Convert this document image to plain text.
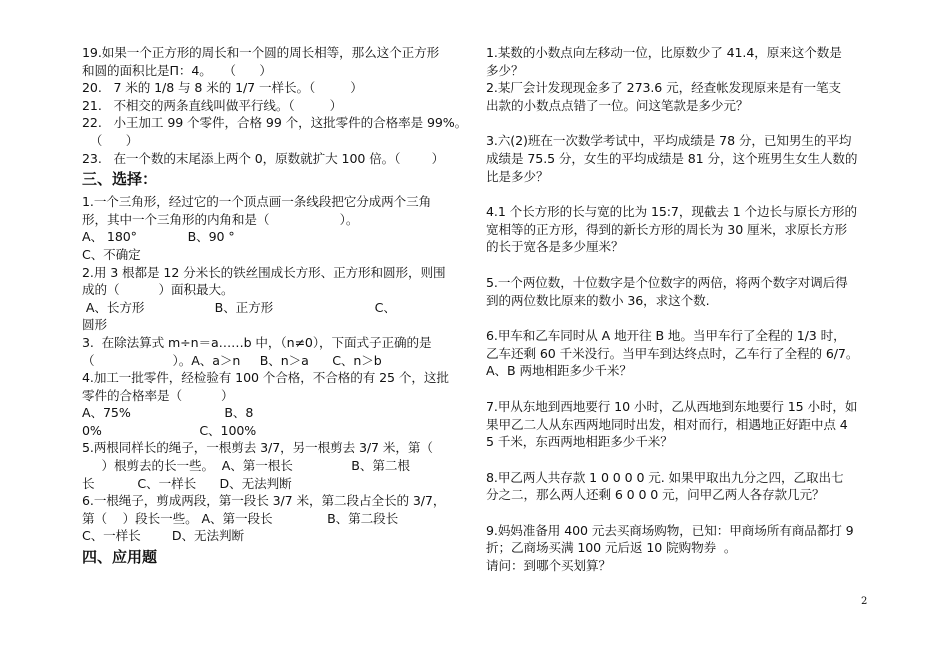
19.如果一个正方形的周长和一个圆的周长相等，那么这个正方形
和圆的面积比是Π：4。   （      ）
20.   7 米的 1/8 与 8 米的 1/7 一样长。（         ）
21.   不相交的两条直线叫做平行线。（         ）
22.   小王加工 99 个零件，合格 99 个，这批零件的合格率是 99%。
（      ）
23.   在一个数的末尾添上两个 0，原数就扩大 100 倍。（        ）
三、选择：
1.一个三角形，经过它的一个顶点画一条线段把它分成两个三角
形，其中一个三角形的内角和是（                  ）。
A、 180°             B、90 °
C、不确定
2.用 3 根都是 12 分米长的铁丝围成长方形、正方形和圆形，则围
成的（          ）面积最大。
A、长方形                  B、正方形                          C、
圆形
3.  在除法算式 m÷n＝a……b 中，（n≠0），下面式子正确的是
（                    ）。A、a＞n     B、n＞a      C、n＞b
4.加工一批零件，经检验有 100 个合格，不合格的有 25 个，这批
零件的合格率是（          ）
A、75%                        B、8
0%                         C、100%
5.两根同样长的绳子，一根剪去 3/7，另一根剪去 3/7 米，第（
）根剪去的长一些。  A、第一根长               B、第二根
长           C、一样长      D、无法判断
6.一根绳子，剪成两段，第一段长 3/7 米，第二段占全长的 3/7，
第（    ）段长一些。 A、第一段长              B、第二段长
C、一样长        D、无法判断
四、应用题
1.某数的小数点向左移动一位，比原数少了 41.4，原来这个数是
多少？
2.某厂会计发现现金多了 273.6 元，经查帐发现原来是有一笔支
出款的小数点点错了一位。问这笔款是多少元？
3.六(2)班在一次数学考试中，平均成绩是 78 分，已知男生的平均
成绩是 75.5 分，女生的平均成绩是 81 分，这个班男生女生人数的
比是多少？
4.1 个长方形的长与宽的比为 15:7，现截去 1 个边长与原长方形的
宽相等的正方形，得到的新长方形的周长为 30 厘米，求原长方形
的长于宽各是多少厘米？
5.一个两位数，十位数字是个位数字的两倍，将两个数字对调后得
到的两位数比原来的数小 36，求这个数.
6.甲车和乙车同时从 A 地开往 B 地。当甲车行了全程的 1/3 时，
乙车还剩 60 千米没行。当甲车到达终点时，乙车行了全程的 6/7。
A、B 两地相距多少千米？
7.甲从东地到西地要行 10 小时，乙从西地到东地要行 15 小时，如
果甲乙二人从东西两地同时出发，相对而行，相遇地正好距中点 4
5 千米，东西两地相距多少千米？
8.甲乙两人共存款 1 0 0 0 0 元. 如果甲取出九分之四，乙取出七
分之二，那么两人还剩 6 0 0 0 元，问甲乙两人各存款几元？
9.妈妈准备用 400 元去买商场购物，已知：甲商场所有商品都打 9
折；乙商场买满 100 元后返 10 院购物券  。
请问：到哪个买划算？
2
